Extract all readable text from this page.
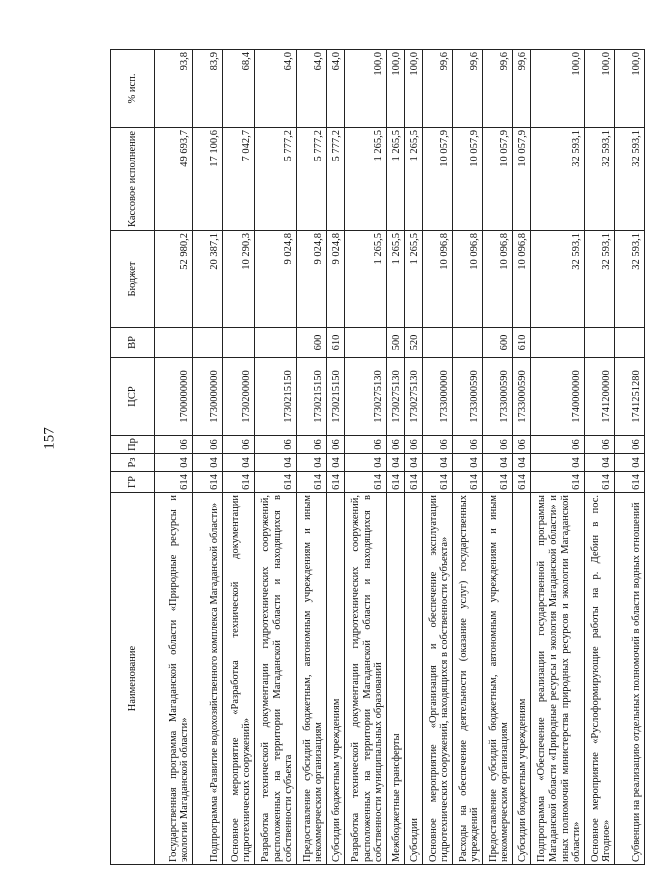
157
Наименование	ГР	Рз	Пр	ЦСР	ВР	Бюджет	Кассовое исполнение	% исп.
Государственная программа Магаданской области «Природные ресурсы и экологии Магаданской области»	614	04	06	1700000000		52 980,2	49 693,7	93,8
Подпрограмма «Развитие водохозяйственного комплекса Магаданской области»	614	04	06	1730000000		20 387,1	17 100,6	83,9
Основное мероприятие «Разработка технической документации гидротехнических сооружений»	614	04	06	1730200000		10 290,3	7 042,7	68,4
Разработка технической документации гидротехнических сооружений, расположенных на территории Магаданской области и находящихся в собственности субъекта	614	04	06	1730215150		9 024,8	5 777,2	64,0
Предоставление субсидий бюджетным, автономным учреждениям и иным некоммерческим организациям	614	04	06	1730215150	600	9 024,8	5 777,2	64,0
Субсидии бюджетным учреждениям	614	04	06	1730215150	610	9 024,8	5 777,2	64,0
Разработка технической документации гидротехнических сооружений, расположенных на территории Магаданской области и находящихся в собственности муниципальных образований	614	04	06	1730275130		1 265,5	1 265,5	100,0
Межбюджетные трансферты	614	04	06	1730275130	500	1 265,5	1 265,5	100,0
Субсидии	614	04	06	1730275130	520	1 265,5	1 265,5	100,0
Основное мероприятие «Организация и обеспечение эксплуатации гидротехнических сооружений, находящихся в собственности субъекта»	614	04	06	1733000000		10 096,8	10 057,9	99,6
Расходы на обеспечение деятельности (оказание услуг) государственных учреждений	614	04	06	1733000590		10 096,8	10 057,9	99,6
Предоставление субсидий бюджетным, автономным учреждениям и иным некоммерческим организациям	614	04	06	1733000590	600	10 096,8	10 057,9	99,6
Субсидии бюджетным учреждениям	614	04	06	1733000590	610	10 096,8	10 057,9	99,6
Подпрограмма «Обеспечение реализации государственной программы Магаданской области «Природные ресурсы и экология Магаданской области» и иных полномочий министерства природных ресурсов и экологии Магаданской области»	614	04	06	1740000000		32 593,1	32 593,1	100,0
Основное мероприятие «Руслоформирующие работы на р. Дебин в пос. Ягодное»	614	04	06	1741200000		32 593,1	32 593,1	100,0
Субвенции на реализацию отдельных полномочий в области водных отношений	614	04	06	1741251280		32 593,1	32 593,1	100,0
